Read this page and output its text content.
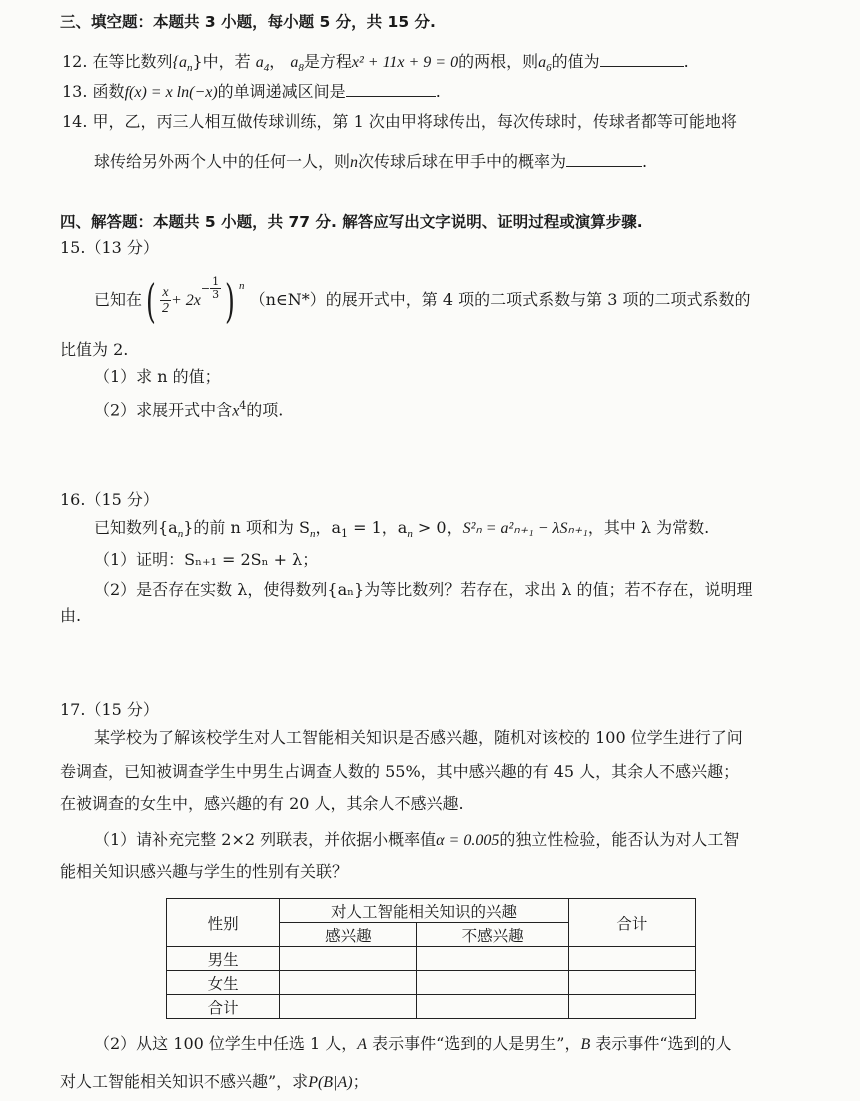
三、填空题：本题共 3 小题，每小题 5 分，共 15 分.
12. 在等比数列$\{a_n\}$中，若 $a_4$， $a_8$是方程x² + 11x + 9 = 0的两根，则$a_6$的值为	.
13. 函数f(x) = x ln(−x)的单调递减区间是	.
14. 甲，乙，丙三人相互做传球训练，第 1 次由甲将球传出，每次传球时，传球者都等可能地将
球传给另外两个人中的任何一人，则n次传球后球在甲手中的概率为	.
四、解答题：本题共 5 小题，共 77 分. 解答应写出文字说明、证明过程或演算步骤.
15.（13 分）
已知在( $\frac{x}{2} + 2x- \frac{1}{3}$ ) $^n$ （n∈N*）的展开式中，第 4 项的二项式系数与第 3 项的二项式系数的
比值为 2.
（1）求 n 的值；
（2）求展开式中含$x^4$的项.
16.（15 分）
已知数列$\{a_n\}$的前 n 项和为 $S_n$，$a_1 = 1$，$a_n > 0$，S²ₙ = a²ₙ₊₁ − λSₙ₊₁，其中 λ 为常数.
（1）证明：Sₙ₊₁ = 2Sₙ + λ；
（2）是否存在实数 λ，使得数列{aₙ}为等比数列？若存在，求出 λ 的值；若不存在，说明理
由.
17.（15 分）
某学校为了解该校学生对人工智能相关知识是否感兴趣，随机对该校的 100 位学生进行了问
卷调查，已知被调查学生中男生占调查人数的 55%，其中感兴趣的有 45 人，其余人不感兴趣；
在被调查的女生中，感兴趣的有 20 人，其余人不感兴趣.
（1）请补充完整 2×2 列联表，并依据小概率值α = 0.005的独立性检验，能否认为对人工智
能相关知识感兴趣与学生的性别有关联？
性别	对人工智能相关知识的兴趣		合计
	感兴趣	不感兴趣	
男生			
女生			
合计			
（2）从这 100 位学生中任选 1 人，A 表示事件“选到的人是男生”，B 表示事件“选到的人
对人工智能相关知识不感兴趣”，求P(B|A)；
